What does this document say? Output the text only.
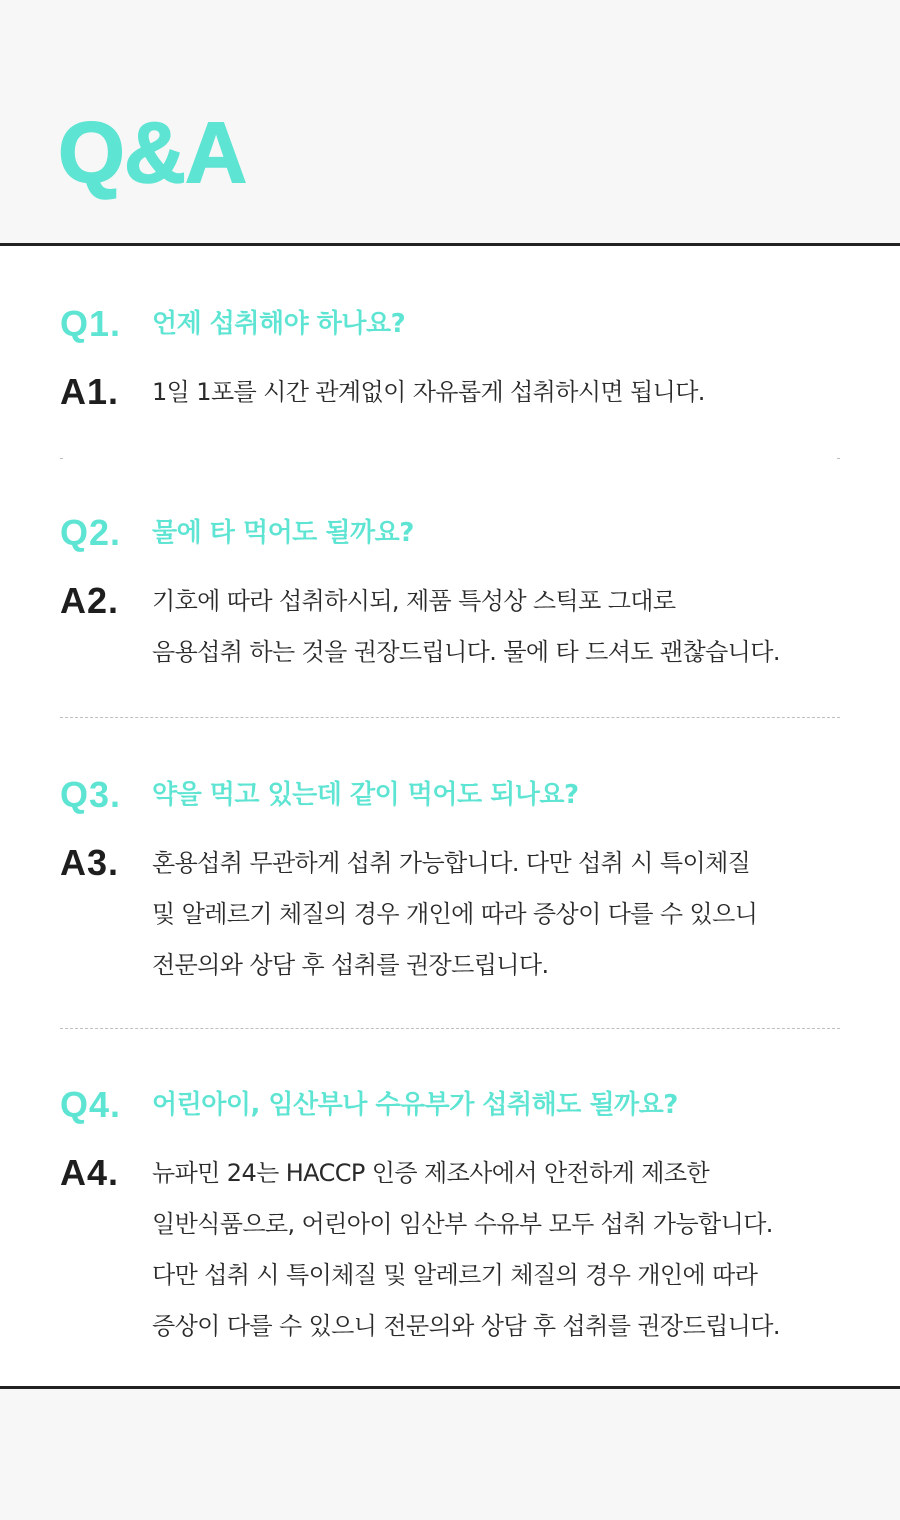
Q&A
Q1.	언제 섭취해야 하나요?
A1.	1일 1포를 시간 관계없이 자유롭게 섭취하시면 됩니다.
Q2.	물에 타 먹어도 될까요?
A2.	기호에 따라 섭취하시되, 제품 특성상 스틱포 그대로
음용섭취 하는 것을 권장드립니다. 물에 타 드셔도 괜찮습니다.
Q3.	약을 먹고 있는데 같이 먹어도 되나요?
A3.	혼용섭취 무관하게 섭취 가능합니다. 다만 섭취 시 특이체질
및 알레르기 체질의 경우 개인에 따라 증상이 다를 수 있으니
전문의와 상담 후 섭취를 권장드립니다.
Q4.	어린아이, 임산부나 수유부가 섭취해도 될까요?
A4.	뉴파민 24는 HACCP 인증 제조사에서 안전하게 제조한
일반식품으로, 어린아이 임산부 수유부 모두 섭취 가능합니다.
다만 섭취 시 특이체질 및 알레르기 체질의 경우 개인에 따라
증상이 다를 수 있으니 전문의와 상담 후 섭취를 권장드립니다.
